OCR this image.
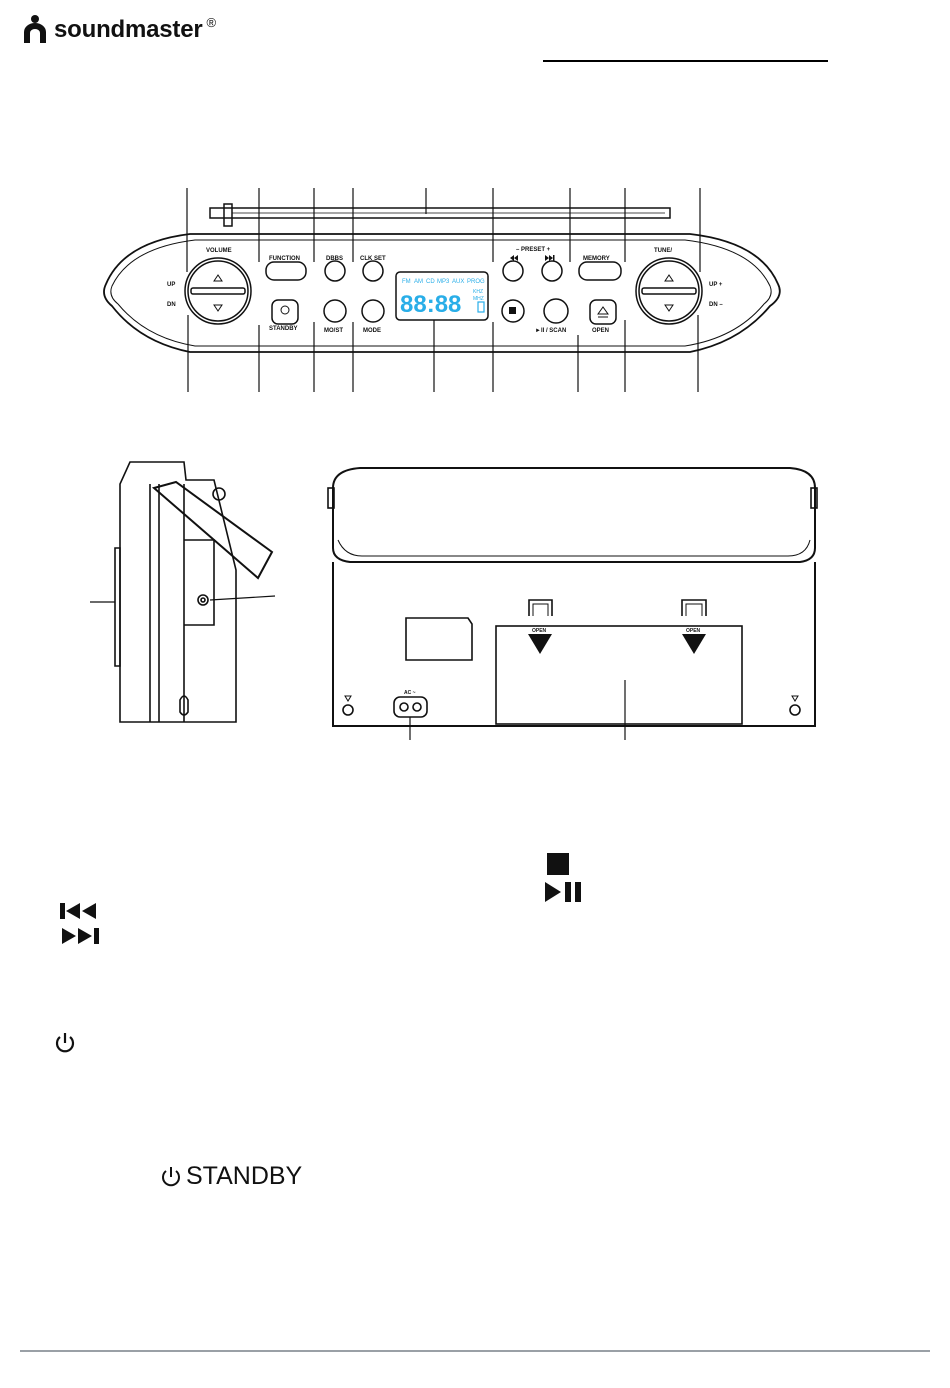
soundmaster ®
VOLUME
UP
DN
FUNCTION	DBBS	CLK SET
STANDBY	MO/ST	MODE
– PRESET +
MEMORY
TUNE/
UP +
DN –
►II / SCAN	OPEN
FM AM CD MP3 AUX PROG
88:88 KHZ
MHZ
OPEN	OPEN
AC ~
STANDBY
